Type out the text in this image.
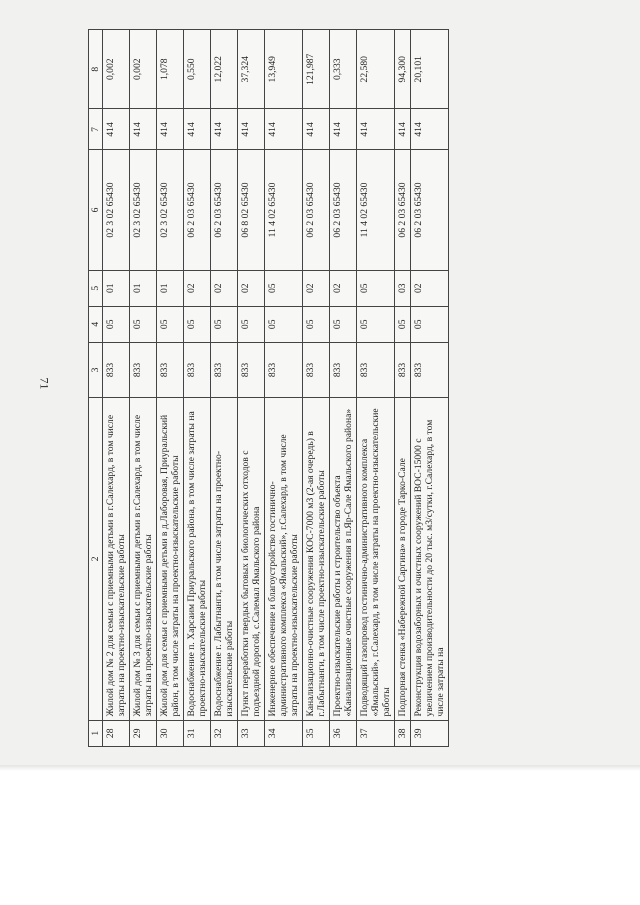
71
1	2	3	4	5	6	7	8
28	Жилой дом № 2 для семьи с приемными детьми в г.Салехард, в том числе затраты на проектно-изыскательские работы	833	05	01	02 3 02 65430	414	0,002
29	Жилой дом № 3 для семьи с приемными детьми в г.Салехард, в том числе затраты на проектно-изыскательские работы	833	05	01	02 3 02 65430	414	0,002
30	Жилой дом для семьи с приемными детьми в д.Лаборовая, Приуральский район, в том числе затраты на проектно-изыскательские работы	833	05	01	02 3 02 65430	414	1,078
31	Водоснабжение п. Харсаим Приуральского района, в том числе затраты на проектно-изыскательские работы	833	05	02	06 2 03 65430	414	0,550
32	Водоснабжение г. Лабытнанги, в том числе затраты на проектно-изыскательские работы	833	05	02	06 2 03 65430	414	12,022
33	Пункт переработки твердых бытовых и биологических отходов с подъездной дорогой, с.Салемал Ямальского района	833	05	02	06 8 02 65430	414	37,324
34	Инженерное обеспечение и благоустройство гостинично-административного комплекса «Ямальский», г.Салехард, в том числе затраты на проектно-изыскательские работы	833	05	05	11 4 02 65430	414	13,949
35	Канализационно-очистные сооружения КОС-7000 м3 (2-ая очередь) в г.Лабытнанги, в том числе проектно-изыскательские работы	833	05	02	06 2 03 65430	414	121,987
36	Проектно-изыскательские работы и строительство объекта «Канализационные очистные сооружения в п.Яр-Сале Ямальского района»	833	05	02	06 2 03 65430	414	0,333
37	Подводящий газопровод гостинично-административного комплекса «Ямальский», г.Салехард, в том числе затраты на проектно-изыскательские работы	833	05	05	11 4 02 65430	414	22,580
38	Подпорная стенка «Набережной Саргина» в городе Тарко-Сале	833	05	03	06 2 03 65430	414	94,300
39	Реконструкция водозаборных и очистных сооружений ВОС-15000 с увеличением производительности до 20 тыс. м3/сутки, г.Салехард, в том числе затраты на	833	05	02	06 2 03 65430	414	20,101
